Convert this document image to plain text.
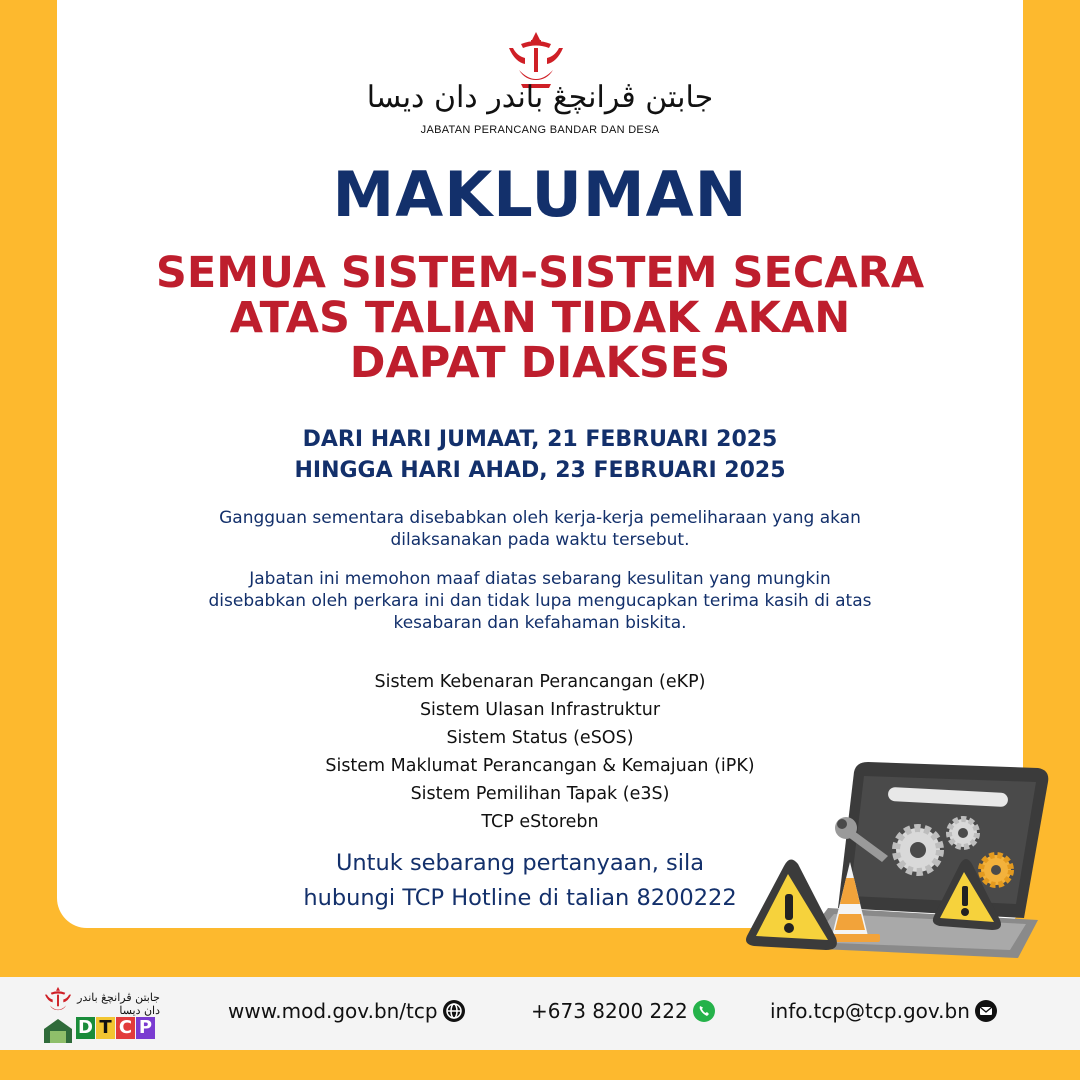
جابتن ڤرانچڠ باندر دان ديسا
JABATAN PERANCANG BANDAR DAN DESA
MAKLUMAN
SEMUA SISTEM-SISTEM SECARA
ATAS TALIAN TIDAK AKAN
DAPAT DIAKSES
DARI HARI JUMAAT, 21 FEBRUARI 2025
HINGGA HARI AHAD, 23 FEBRUARI 2025
Gangguan sementara disebabkan oleh kerja-kerja pemeliharaan yang akan
dilaksanakan pada waktu tersebut.
Jabatan ini memohon maaf diatas sebarang kesulitan yang mungkin
disebabkan oleh perkara ini dan tidak lupa mengucapkan terima kasih di atas
kesabaran dan kefahaman biskita.
Sistem Kebenaran Perancangan (eKP)
Sistem Ulasan Infrastruktur
Sistem Status (eSOS)
Sistem Maklumat Perancangan & Kemajuan (iPK)
Sistem Pemilihan Tapak (e3S)
TCP eStorebn
Untuk sebarang pertanyaan, sila
hubungi TCP Hotline di talian 8200222
جابتن ڤرانچڠ باندر دان ديسا
D T C P
www.mod.gov.bn/tcp	+673 8200 222	info.tcp@tcp.gov.bn
